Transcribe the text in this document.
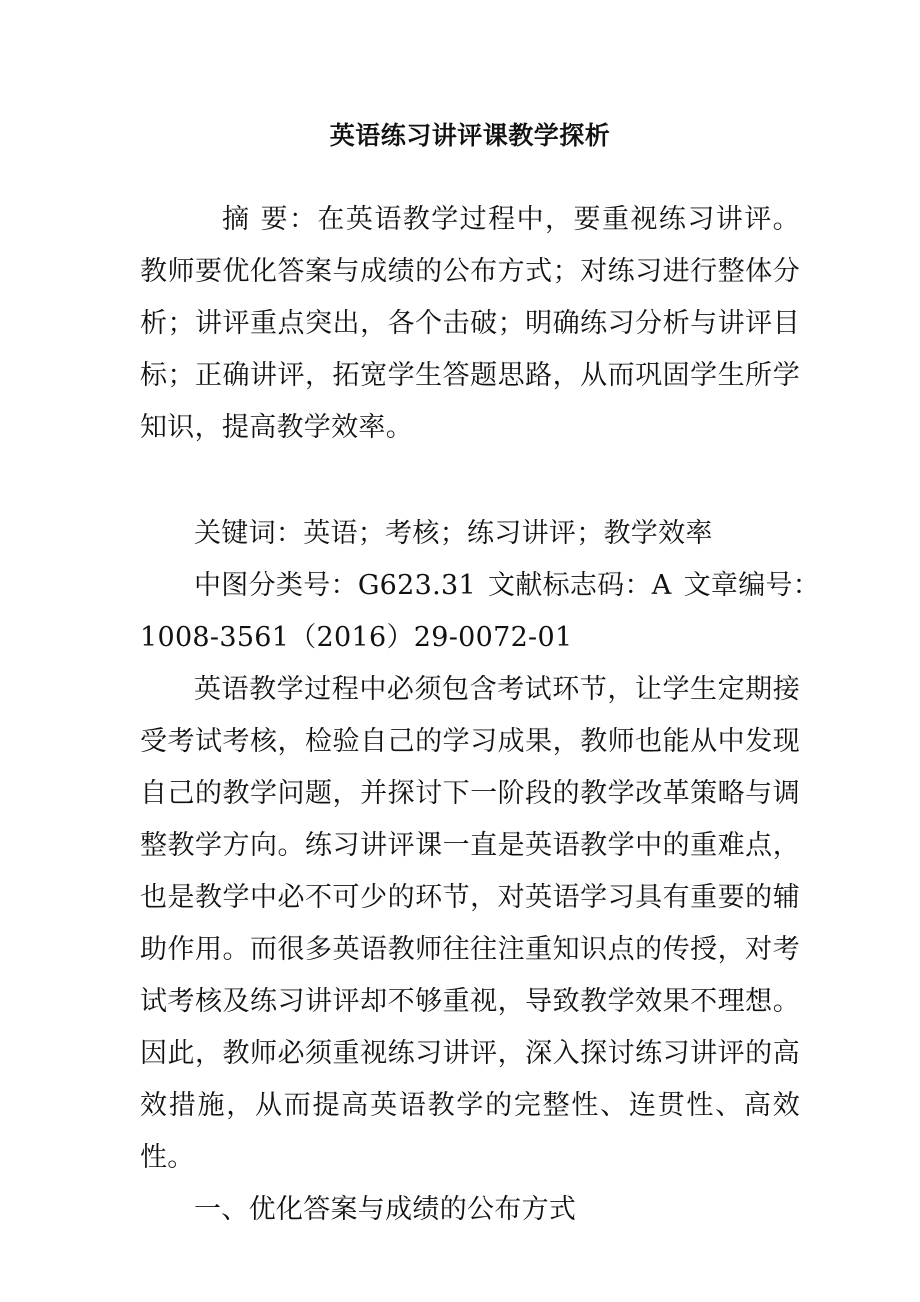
英语练习讲评课教学探析

摘 要：在英语教学过程中，要重视练习讲评。教师要优化答案与成绩的公布方式；对练习进行整体分析；讲评重点突出，各个击破；明确练习分析与讲评目标；正确讲评，拓宽学生答题思路，从而巩固学生所学知识，提高教学效率。

关键词：英语；考核；练习讲评；教学效率

中图分类号：G623.31 文献标志码：A 文章编号：
1008-3561（2016）29-0072-01

英语教学过程中必须包含考试环节，让学生定期接受考试考核，检验自己的学习成果，教师也能从中发现自己的教学问题，并探讨下一阶段的教学改革策略与调整教学方向。练习讲评课一直是英语教学中的重难点，也是教学中必不可少的环节，对英语学习具有重要的辅助作用。而很多英语教师往往注重知识点的传授，对考试考核及练习讲评却不够重视，导致教学效果不理想。因此，教师必须重视练习讲评，深入探讨练习讲评的高效措施，从而提高英语教学的完整性、连贯性、高效性。

一、优化答案与成绩的公布方式
